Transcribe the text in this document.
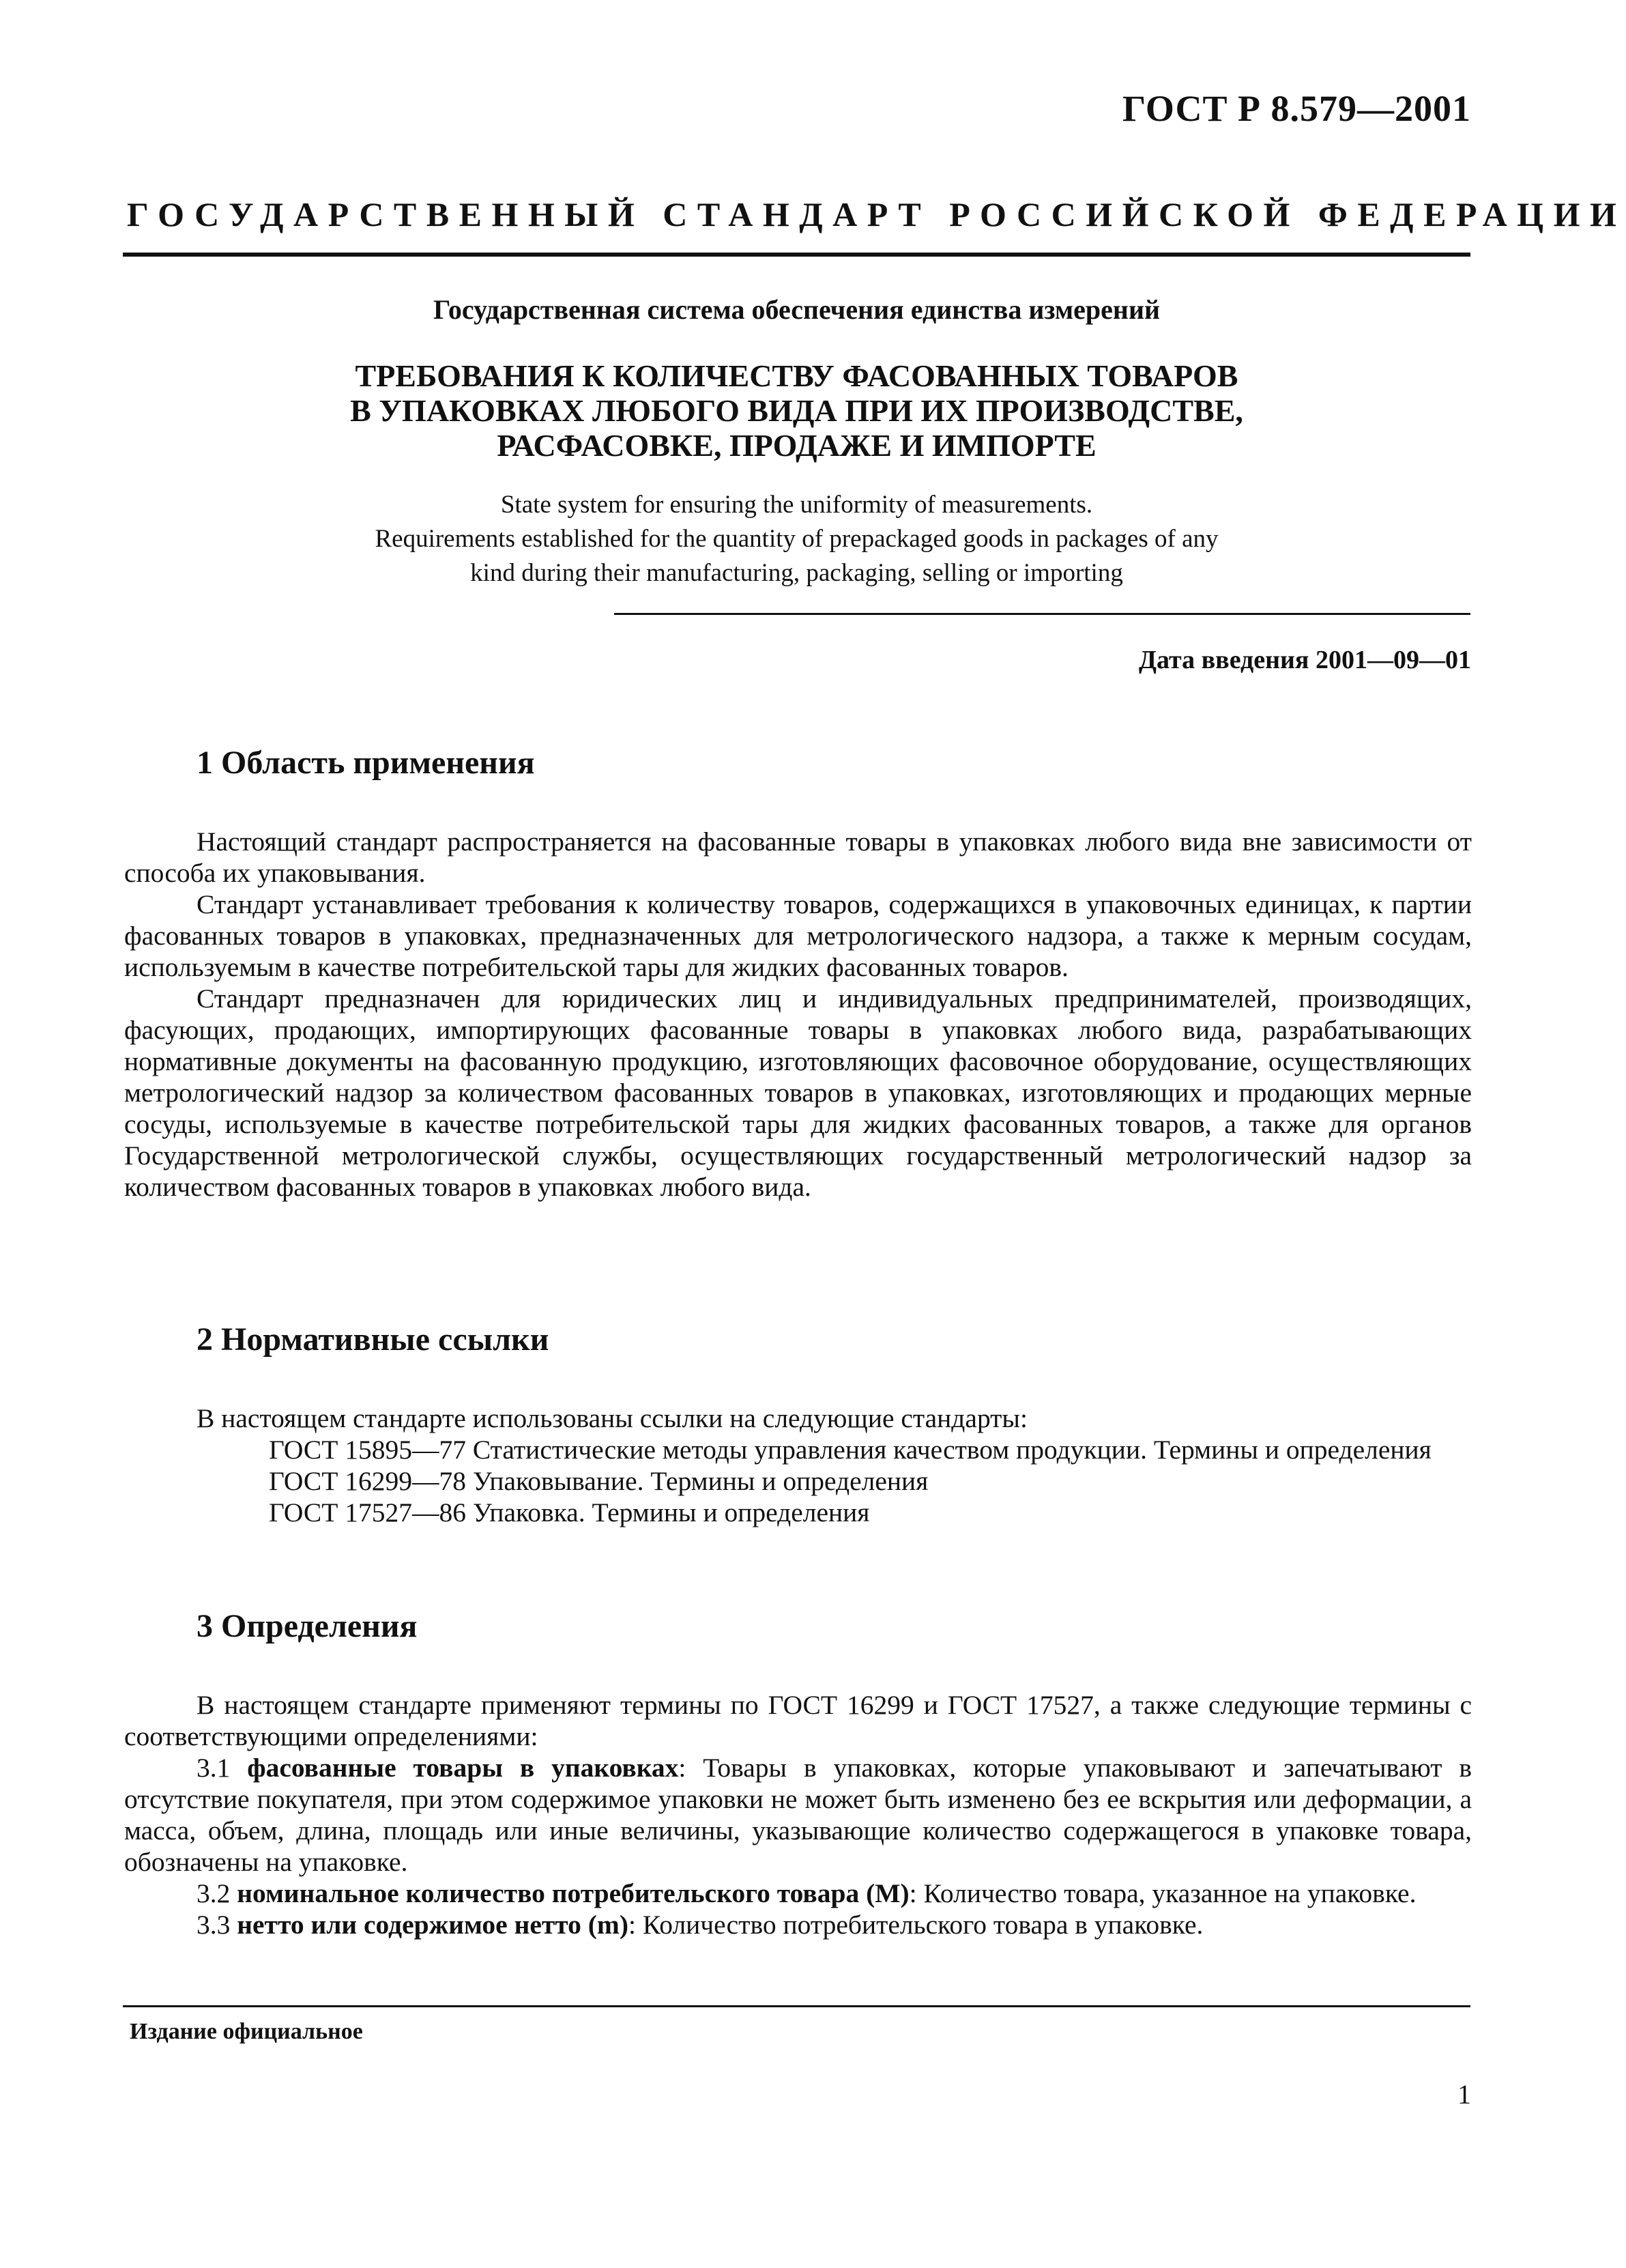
ГОСТ Р 8.579—2001
ГОСУДАРСТВЕННЫЙ СТАНДАРТ РОССИЙСКОЙ ФЕДЕРАЦИИ
Государственная система обеспечения единства измерений
ТРЕБОВАНИЯ К КОЛИЧЕСТВУ ФАСОВАННЫХ ТОВАРОВ
В УПАКОВКАХ ЛЮБОГО ВИДА ПРИ ИХ ПРОИЗВОДСТВЕ,
РАСФАСОВКЕ, ПРОДАЖЕ И ИМПОРТЕ
State system for ensuring the uniformity of measurements.
Requirements established for the quantity of prepackaged goods in packages of any
kind during their manufacturing, packaging, selling or importing
Дата введения 2001—09—01
1 Область применения

Настоящий стандарт распространяется на фасованные товары в упаковках любого вида вне зависимости от способа их упаковывания.

Стандарт устанавливает требования к количеству товаров, содержащихся в упаковочных единицах, к партии фасованных товаров в упаковках, предназначенных для метрологического надзора, а также к мерным сосудам, используемым в качестве потребительской тары для жидких фасованных товаров.

Стандарт предназначен для юридических лиц и индивидуальных предпринимателей, производящих, фасующих, продающих, импортирующих фасованные товары в упаковках любого вида, разрабатывающих нормативные документы на фасованную продукцию, изготовляющих фасовочное оборудование, осуществляющих метрологический надзор за количеством фасованных товаров в упаковках, изготовляющих и продающих мерные сосуды, используемые в качестве потребительской тары для жидких фасованных товаров, а также для органов Государственной метрологической службы, осуществляющих государственный метрологический надзор за количеством фасованных товаров в упаковках любого вида.

2 Нормативные ссылки

В настоящем стандарте использованы ссылки на следующие стандарты:

ГОСТ 15895—77 Статистические методы управления качеством продукции. Термины и определения

ГОСТ 16299—78 Упаковывание. Термины и определения

ГОСТ 17527—86 Упаковка. Термины и определения

3 Определения

В настоящем стандарте применяют термины по ГОСТ 16299 и ГОСТ 17527, а также следующие термины с соответствующими определениями:

3.1 фасованные товары в упаковках: Товары в упаковках, которые упаковывают и запечатывают в отсутствие покупателя, при этом содержимое упаковки не может быть изменено без ее вскрытия или деформации, а масса, объем, длина, площадь или иные величины, указывающие количество содержащегося в упаковке товара, обозначены на упаковке.

3.2 номинальное количество потребительского товара (М): Количество товара, указанное на упаковке.

3.3 нетто или содержимое нетто (m): Количество потребительского товара в упаковке.

Издание официальное
1
